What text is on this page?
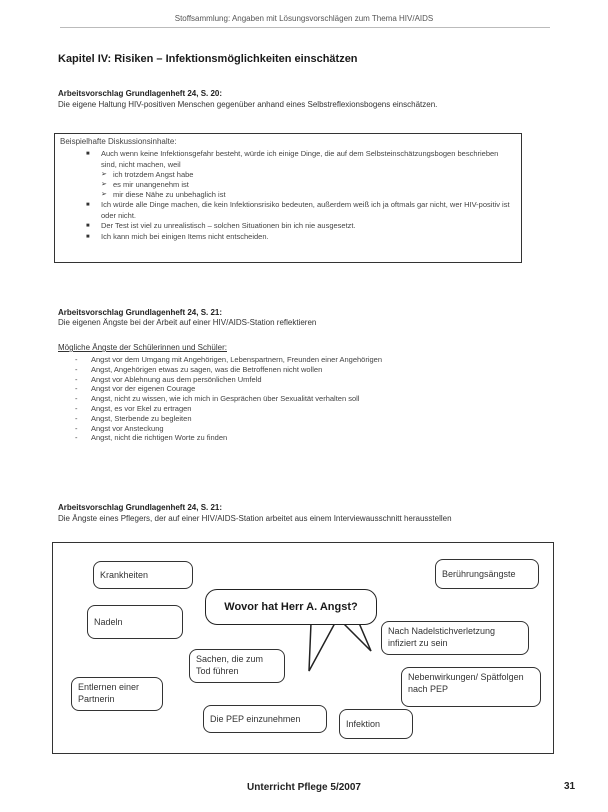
Stoffsammlung: Angaben mit Lösungsvorschlägen zum Thema HIV/AIDS
Kapitel IV: Risiken – Infektionsmöglichkeiten einschätzen
Arbeitsvorschlag Grundlagenheft 24, S. 20:
Die eigene Haltung HIV-positiven Menschen gegenüber anhand eines Selbstreflexionsbogens einschätzen.
Beispielhafte Diskussionsinhalte:
■ Auch wenn keine Infektionsgefahr besteht, würde ich einige Dinge, die auf dem Selbsteinschätzungsbogen beschrieben sind, nicht machen, weil
➢ ich trotzdem Angst habe
➢ es mir unangenehm ist
➢ mir diese Nähe zu unbehaglich ist
■ Ich würde alle Dinge machen, die kein Infektionsrisiko bedeuten, außerdem weiß ich ja oftmals gar nicht, wer HIV-positiv ist oder nicht.
■ Der Test ist viel zu unrealistisch – solchen Situationen bin ich nie ausgesetzt.
■ Ich kann mich bei einigen Items nicht entscheiden.
Arbeitsvorschlag Grundlagenheft 24, S. 21:
Die eigenen Ängste bei der Arbeit auf einer HIV/AIDS-Station reflektieren
Mögliche Ängste der Schülerinnen und Schüler:
- Angst vor dem Umgang mit Angehörigen, Lebenspartnern, Freunden einer Angehörigen
- Angst, Angehörigen etwas zu sagen, was die Betroffenen nicht wollen
- Angst vor Ablehnung aus dem persönlichen Umfeld
- Angst vor der eigenen Courage
- Angst, nicht zu wissen, wie ich mich in Gesprächen über Sexualität verhalten soll
- Angst, es vor Ekel zu ertragen
- Angst, Sterbende zu begleiten
- Angst vor Ansteckung
- Angst, nicht die richtigen Worte zu finden
Arbeitsvorschlag Grundlagenheft 24, S. 21:
Die Ängste eines Pflegers, der auf einer HIV/AIDS-Station arbeitet aus einem Interviewausschnitt herausstellen
Krankheiten	Berührungsängste
Nadeln
Wovor hat Herr A. Angst?
Nach Nadelstichverletzung infiziert zu sein
Sachen, die zum Tod führen
Entlernen einer Partnerin
Nebenwirkungen/ Spätfolgen nach PEP
Die PEP einzunehmen	Infektion
Unterricht Pflege 5/2007	31
